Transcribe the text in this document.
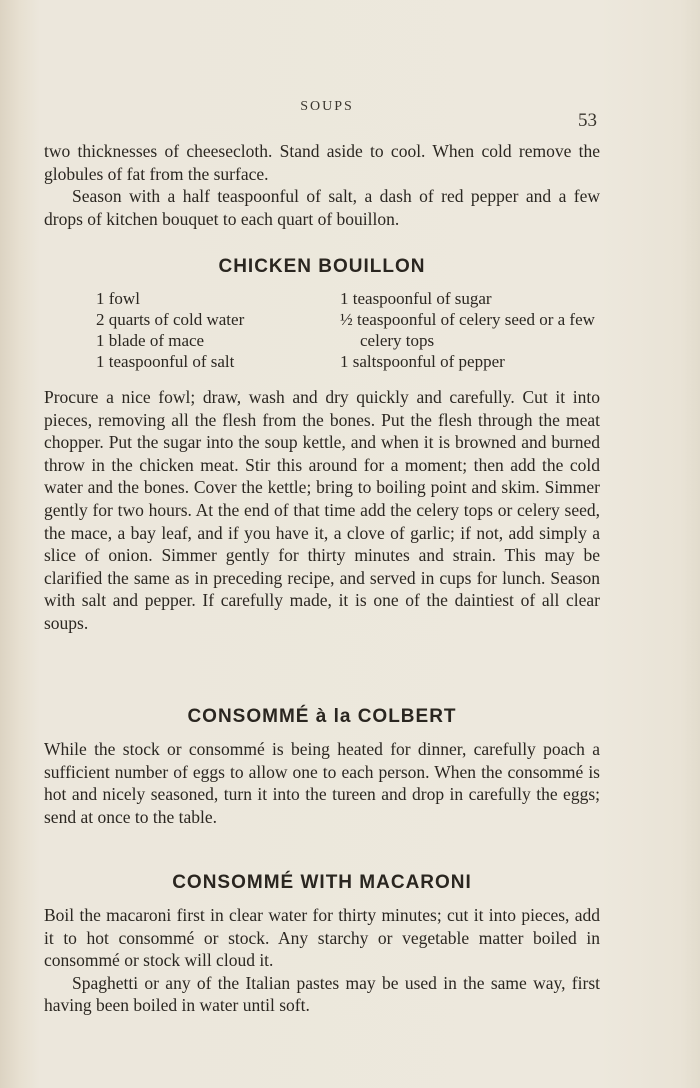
SOUPS
53

two thicknesses of cheesecloth. Stand aside to cool. When cold remove the globules of fat from the surface.

Season with a half teaspoonful of salt, a dash of red pepper and a few drops of kitchen bouquet to each quart of bouillon.

CHICKEN BOUILLON
1 fowl
2 quarts of cold water
1 blade of mace
1 teaspoonful of salt
1 teaspoonful of sugar
½ teaspoonful of celery seed or a few celery tops
1 saltspoonful of pepper

Procure a nice fowl; draw, wash and dry quickly and carefully. Cut it into pieces, removing all the flesh from the bones. Put the flesh through the meat chopper. Put the sugar into the soup kettle, and when it is browned and burned throw in the chicken meat. Stir this around for a moment; then add the cold water and the bones. Cover the kettle; bring to boiling point and skim. Simmer gently for two hours. At the end of that time add the celery tops or celery seed, the mace, a bay leaf, and if you have it, a clove of garlic; if not, add simply a slice of onion. Simmer gently for thirty minutes and strain. This may be clarified the same as in preceding recipe, and served in cups for lunch. Season with salt and pepper. If carefully made, it is one of the daintiest of all clear soups.

CONSOMMÉ à la COLBERT

While the stock or consommé is being heated for dinner, carefully poach a sufficient number of eggs to allow one to each person. When the consommé is hot and nicely seasoned, turn it into the tureen and drop in carefully the eggs; send at once to the table.

CONSOMMÉ WITH MACARONI

Boil the macaroni first in clear water for thirty minutes; cut it into pieces, add it to hot consommé or stock. Any starchy or vegetable matter boiled in consommé or stock will cloud it.

Spaghetti or any of the Italian pastes may be used in the same way, first having been boiled in water until soft.
